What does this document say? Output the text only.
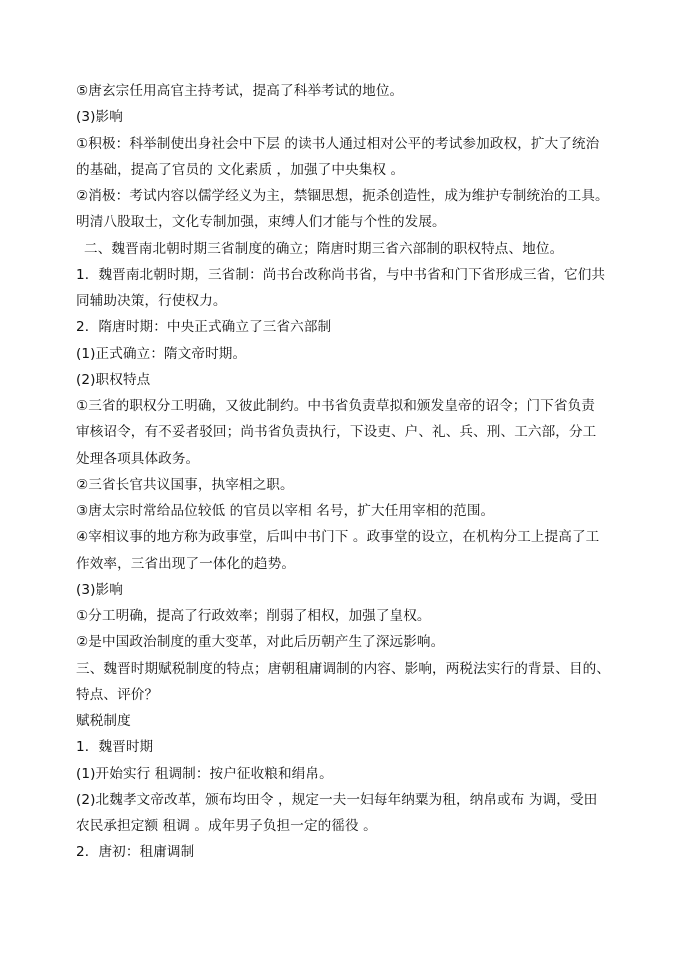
⑤唐玄宗任用高官主持考试，提高了科举考试的地位。
(3)影响
①积极：科举制使出身社会中下层 的读书人通过相对公平的考试参加政权，扩大了统治
的基础，提高了官员的 文化素质 ，加强了中央集权 。
②消极：考试内容以儒学经义为主，禁锢思想，扼杀创造性，成为维护专制统治的工具。
明清八股取士，文化专制加强，束缚人们才能与个性的发展。
二、魏晋南北朝时期三省制度的确立；隋唐时期三省六部制的职权特点、地位。
1．魏晋南北朝时期，三省制：尚书台改称尚书省，与中书省和门下省形成三省，它们共
同辅助决策，行使权力。
2．隋唐时期：中央正式确立了三省六部制
(1)正式确立：隋文帝时期。
(2)职权特点
①三省的职权分工明确，又彼此制约。中书省负责草拟和颁发皇帝的诏令；门下省负责
审核诏令，有不妥者驳回；尚书省负责执行，下设吏、户、礼、兵、刑、工六部，分工
处理各项具体政务。
②三省长官共议国事，执宰相之职。
③唐太宗时常给品位较低 的官员以宰相 名号，扩大任用宰相的范围。
④宰相议事的地方称为政事堂，后叫中书门下 。政事堂的设立，在机构分工上提高了工
作效率，三省出现了一体化的趋势。
(3)影响
①分工明确，提高了行政效率；削弱了相权，加强了皇权。
②是中国政治制度的重大变革，对此后历朝产生了深远影响。
三、魏晋时期赋税制度的特点；唐朝租庸调制的内容、影响，两税法实行的背景、目的、
特点、评价？
赋税制度
1．魏晋时期
(1)开始实行 租调制：按户征收粮和绢帛。
(2)北魏孝文帝改革，颁布均田令 ，规定一夫一妇每年纳粟为租，纳帛或布 为调，受田
农民承担定额 租调 。成年男子负担一定的徭役 。
2．唐初：租庸调制
